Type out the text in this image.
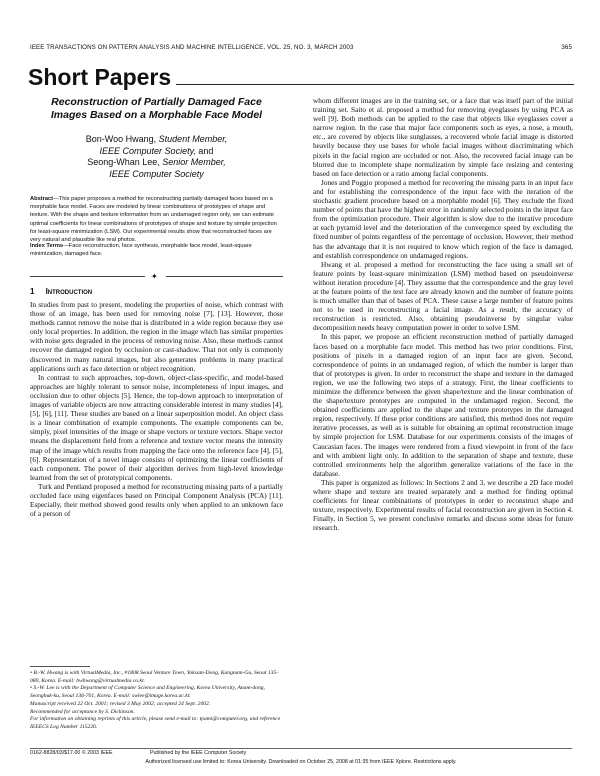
IEEE TRANSACTIONS ON PATTERN ANALYSIS AND MACHINE INTELLIGENCE, VOL. 25, NO. 3, MARCH 2003	365
Short Papers
Reconstruction of Partially Damaged Face
Images Based on a Morphable Face Model
Bon-Woo Hwang, Student Member,
IEEE Computer Society, and
Seong-Whan Lee, Senior Member,
IEEE Computer Society
Abstract—This paper proposes a method for reconstructing partially damaged faces based on a morphable face model. Faces are modeled by linear combinations of prototypes of shape and texture. With the shape and texture information from an undamaged region only, we can estimate optimal coefficients for linear combinations of prototypes of shape and texture by simple projection for least-square minimization (LSM). Our experimental results show that reconstructed faces are very natural and plausible like real photos.
Index Terms—Face reconstruction, face synthesis, morphable face model, least-square minimization, damaged face.
✦
1 Introduction

In studies from past to present, modeling the properties of noise, which contrast with those of an image, has been used for removing noise [7], [13]. However, those methods cannot remove the noise that is distributed in a wide region because they use only local properties. In addition, the region in the image which has similar properties with noise gets degraded in the process of removing noise. Also, these methods cannot recover the damaged region by occlusion or cast-shadow. That not only is commonly discovered in many natural images, but also generates problems in many practical applications such as face detection or object recognition.

In contrast to such approaches, top-down, object-class-specific, and model-based approaches are highly tolerant to sensor noise, incompleteness of input images, and occlusion due to other objects [5]. Hence, the top-down approach to interpretation of images of variable objects are now attracting considerable interest in many studies [4], [5], [6], [11]. These studies are based on a linear superposition model. An object class is a linear combination of example components. The example components can be, simply, pixel intensities of the image or shape vectors or texture vectors. Shape vector means the displacement field from a reference and texture vector means the intensity map of the image which results from mapping the face onto the reference face [4], [5], [6]. Representation of a novel image consists of optimizing the linear coefficients of each component. The power of their algorithm derives from high-level knowledge learned from the set of prototypical components.

Turk and Pentland proposed a method for reconstructing missing parts of a partially occluded face using eigenfaces based on Principal Component Analysis (PCA) [11]. Especially, their method showed good results only when applied to an unknown face of a person of

• B.-W. Hwang is with VirtualMedia, Inc., #1808 Seoul Venture Town, Yoksam-Dong, Kangnam-Gu, Seoul 135-080, Korea. E-mail: bwhwang@virtualmedia.co.kr.
• S.-W. Lee is with the Department of Computer Science and Engineering, Korea University, Anam-dong, Seongbuk-ku, Seoul 136-701, Korea. E-mail: swlee@image.korea.ac.kr.
Manuscript received 22 Oct. 2001; revised 3 May 2002; accepted 24 Sept. 2002.
Recommended for acceptance by S. Dickinson.
For information on obtaining reprints of this article, please send e-mail to: tpami@computer.org, and reference IEEECS Log Number 115226.

whom different images are in the training set, or a face that was itself part of the initial training set. Saito et al. proposed a method for removing eyeglasses by using PCA as well [9]. Both methods can be applied to the case that objects like eyeglasses cover a narrow region. In the case that major face components such as eyes, a nose, a mouth, etc., are covered by objects like sunglasses, a recovered whole facial image is distorted heavily because they use bases for whole facial images without discriminating which pixels in the facial region are occluded or not. Also, the recovered facial image can be blurred due to incomplete shape normalization by simple face resizing and centering based on face detection or a ratio among facial components.

Jones and Poggio proposed a method for recovering the missing parts in an input face and for establishing the correspondence of the input face with the iteration of the stochastic gradient procedure based on a morphable model [6]. They exclude the fixed number of points that have the highest error in randomly selected points in the input face from the optimization procedure. Their algorithm is slow due to the iterative procedure at each pyramid level and the deterioration of the convergence speed by excluding the fixed number of points regardless of the percentage of occlusion. However, their method has the advantage that it is not required to know which region of the face is damaged, and establish correspondence on undamaged regions.

Hwang et al. proposed a method for reconstructing the face using a small set of feature points by least-square minimization (LSM) method based on pseudoinverse without iteration procedure [4]. They assume that the correspondence and the gray level at the feature points of the test face are already known and the number of feature points is much smaller than that of bases of PCA. These cause a large number of feature points not to be used in reconstructing a facial image. As a result, the accuracy of reconstruction is restricted. Also, obtaining pseudoinverse by singular value decomposition needs heavy computation power in order to solve LSM.

In this paper, we propose an efficient reconstruction method of partially damaged faces based on a morphable face model. This method has two prior conditions. First, positions of pixels in a damaged region of an input face are given. Second, correspondence of points in an undamaged region, of which the number is larger than that of prototypes is given. In order to reconstruct the shape and texture in the damaged region, we use the following two steps of a strategy. First, the linear coefficients to minimize the difference between the given shape/texture and the linear combination of the shape/texture prototypes are computed in the undamaged region. Second, the obtained coefficients are applied to the shape and texture prototypes in the damaged region, respectively. If these prior conditions are satisfied, this method does not require iterative processes, as well as is suitable for obtaining an optimal reconstruction image by simple projection for LSM. Database for our experiments consists of the images of Caucasian faces. The images were rendered from a fixed viewpoint in front of the face and with ambient light only. In addition to the separation of shape and texture, these controlled environments help the algorithm generalize variations of the face in the database.

This paper is organized as follows: In Sections 2 and 3, we describe a 2D face model where shape and texture are treated separately and a method for finding optimal coefficients for linear combinations of prototypes in order to reconstruct shape and texture, respectively. Experimental results of facial reconstruction are given in Section 4. Finally, in Section 5, we present conclusive remarks and discuss some ideas for future research.

0162-8828/03/$17.00 © 2003 IEEE	Published by the IEEE Computer Society
Authorized licensed use limited to: Korea University. Downloaded on October 25, 2008 at 01:35 from IEEE Xplore. Restrictions apply.
